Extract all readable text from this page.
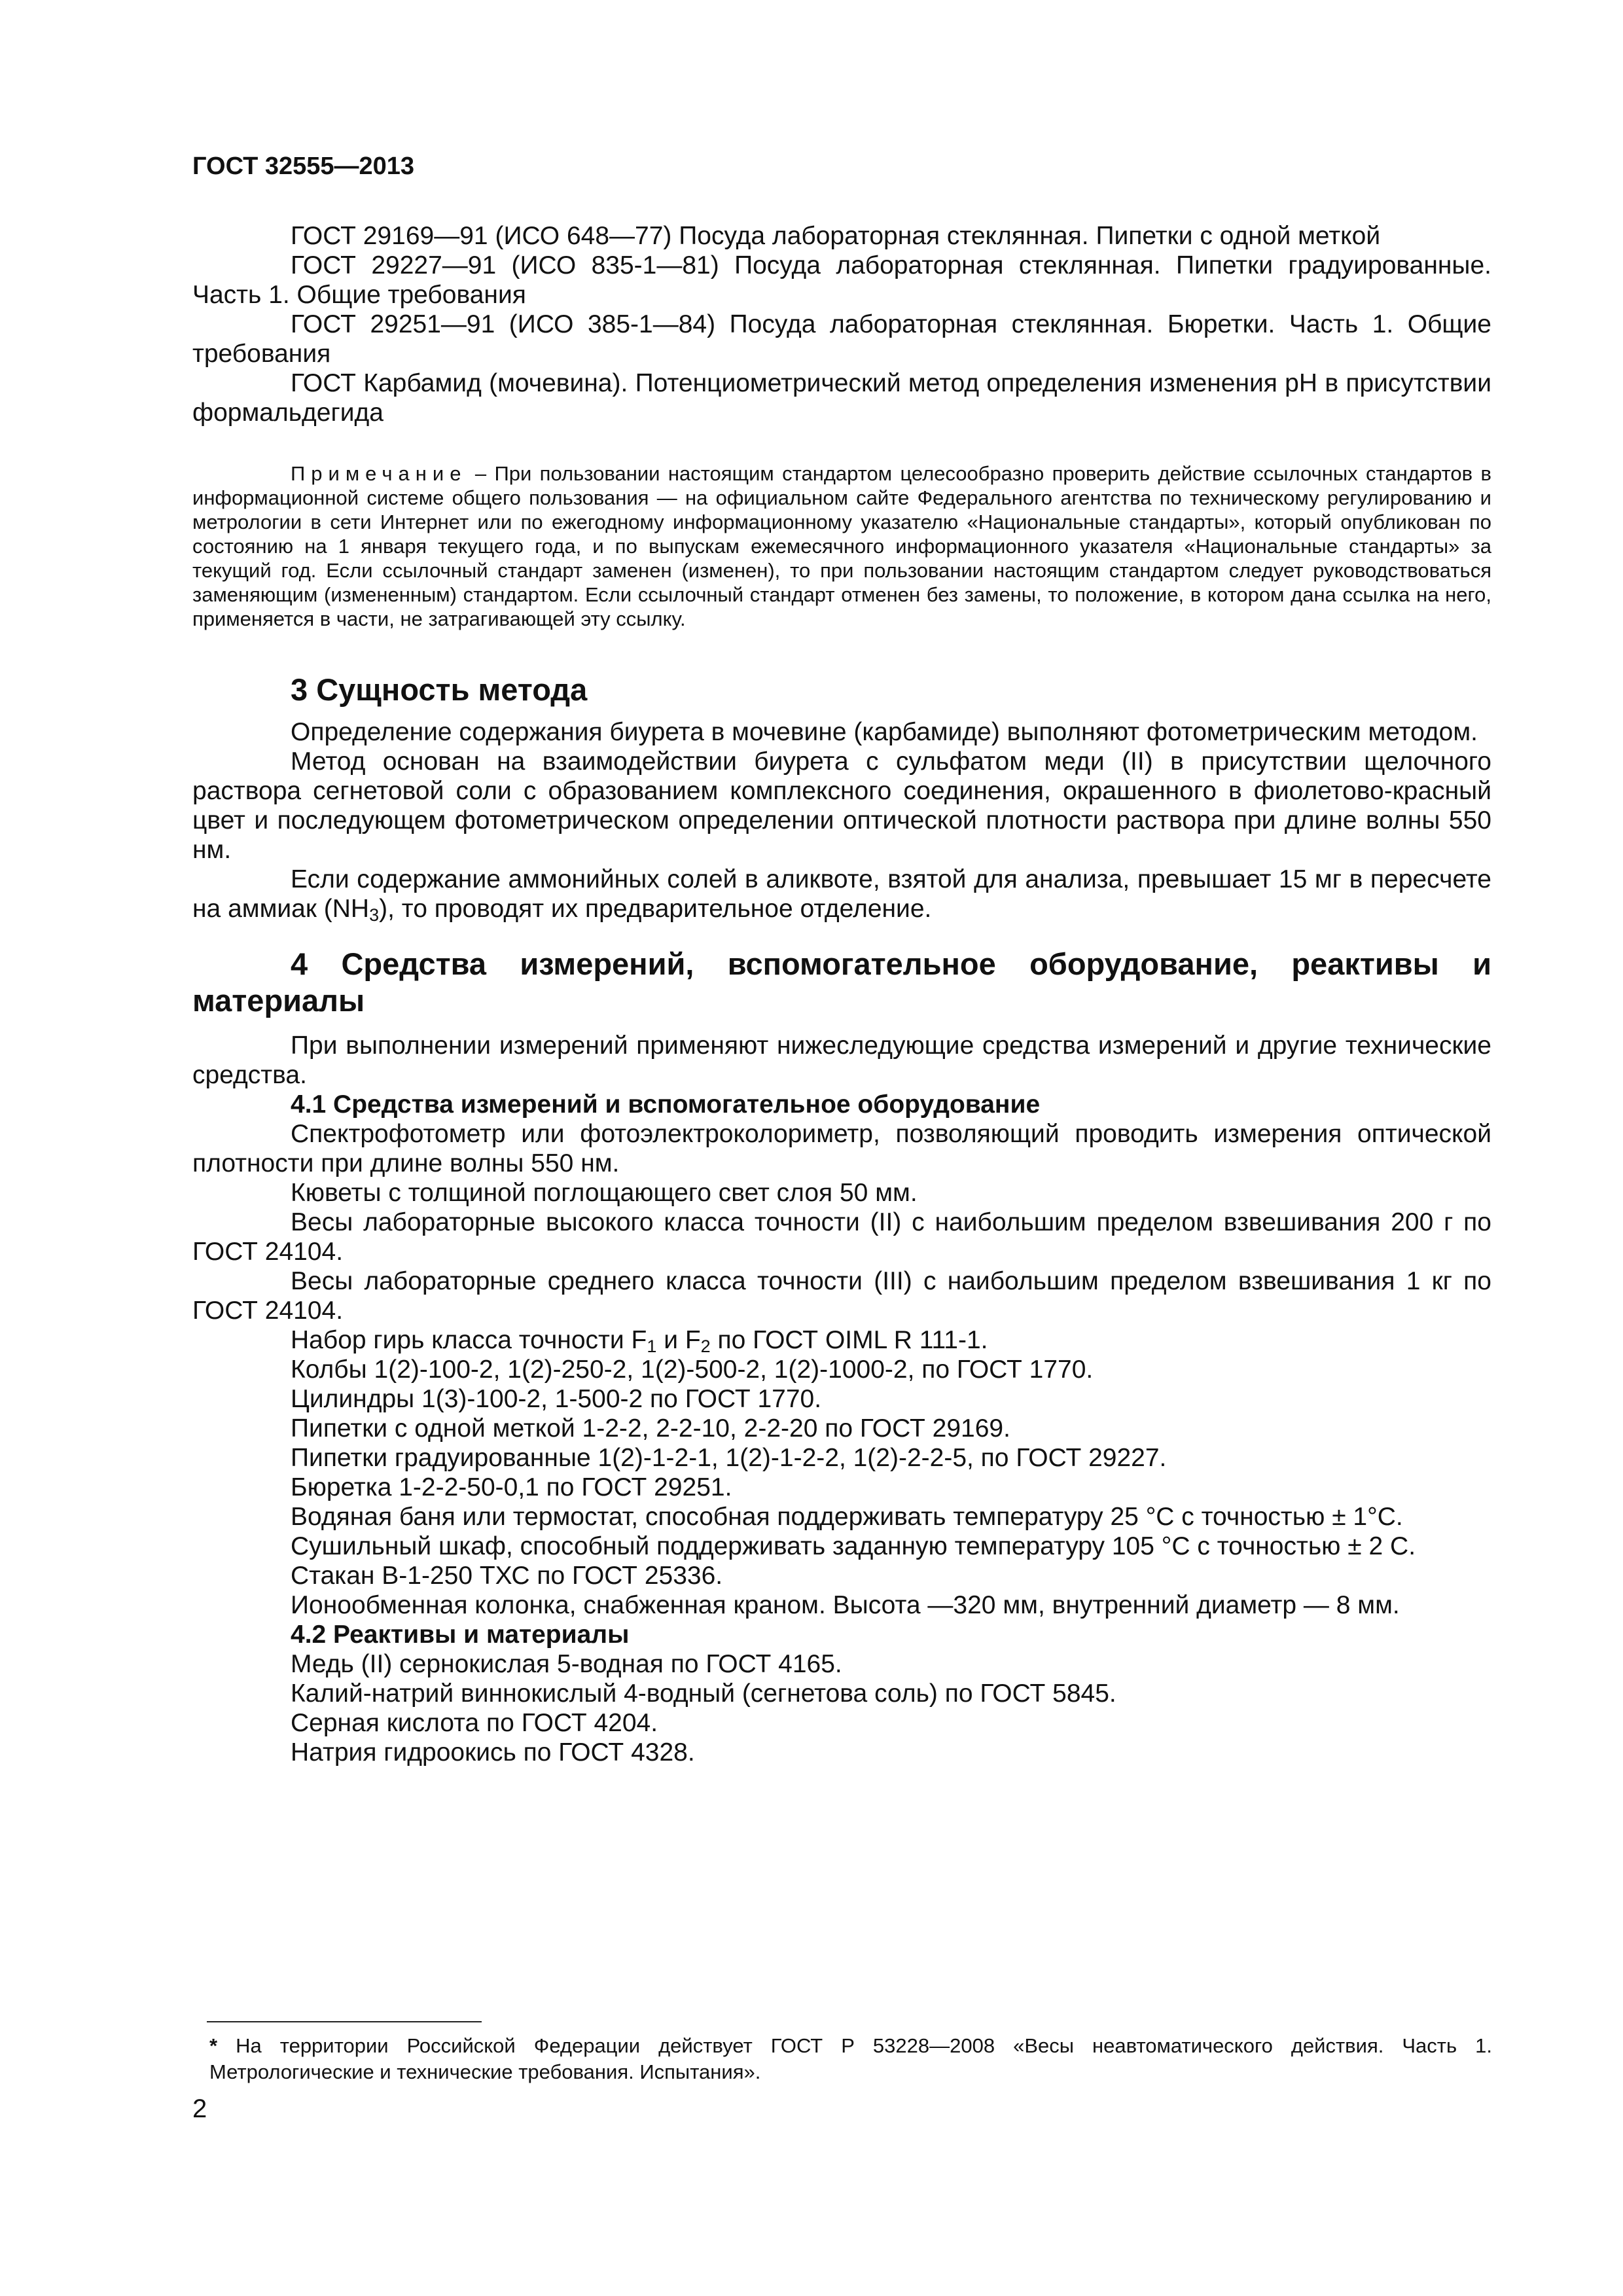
ГОСТ 32555—2013

ГОСТ 29169—91 (ИСО 648—77) Посуда лабораторная стеклянная. Пипетки с одной меткой

ГОСТ 29227—91 (ИСО 835-1—81) Посуда лабораторная стеклянная. Пипетки градуированные. Часть 1. Общие требования

ГОСТ 29251—91 (ИСО 385-1—84) Посуда лабораторная стеклянная. Бюретки. Часть 1. Общие требования

ГОСТ Карбамид (мочевина). Потенциометрический метод определения изменения pH в присутствии формальдегида

Примечание – При пользовании настоящим стандартом целесообразно проверить действие ссылочных стандартов в информационной системе общего пользования — на официальном сайте Федерального агентства по техническому регулированию и метрологии в сети Интернет или по ежегодному информационному указателю «Национальные стандарты», который опубликован по состоянию на 1 января текущего года, и по выпускам ежемесячного информационного указателя «Национальные стандарты» за текущий год. Если ссылочный стандарт заменен (изменен), то при пользовании настоящим стандартом следует руководствоваться заменяющим (измененным) стандартом. Если ссылочный стандарт отменен без замены, то положение, в котором дана ссылка на него, применяется в части, не затрагивающей эту ссылку.

3 Сущность метода

Определение содержания биурета в мочевине (карбамиде) выполняют фотометрическим методом.

Метод основан на взаимодействии биурета с сульфатом меди (II) в присутствии щелочного раствора сегнетовой соли с образованием комплексного соединения, окрашенного в фиолетово-красный цвет и последующем фотометрическом определении оптической плотности раствора при длине волны 550 нм.

Если содержание аммонийных солей в аликвоте, взятой для анализа, превышает 15 мг в пересчете на аммиак $(NH_3)$, то проводят их предварительное отделение.

4 Средства измерений, вспомогательное оборудование, реактивы и материалы

При выполнении измерений применяют нижеследующие средства измерений и другие технические средства.

4.1 Средства измерений и вспомогательное оборудование

Спектрофотометр или фотоэлектроколориметр, позволяющий проводить измерения оптической плотности при длине волны 550 нм.

Кюветы с толщиной поглощающего свет слоя 50 мм.

Весы лабораторные высокого класса точности (II) с наибольшим пределом взвешивания 200 г по ГОСТ 24104.

Весы лабораторные среднего класса точности (III) с наибольшим пределом взвешивания 1 кг по ГОСТ 24104.

Набор гирь класса точности $F_1$ и $F_2$ по ГОСТ OIML R 111-1.

Колбы 1(2)-100-2, 1(2)-250-2, 1(2)-500-2, 1(2)-1000-2, по ГОСТ 1770.

Цилиндры 1(3)-100-2, 1-500-2 по ГОСТ 1770.

Пипетки с одной меткой 1-2-2, 2-2-10, 2-2-20 по ГОСТ 29169.

Пипетки градуированные 1(2)-1-2-1, 1(2)-1-2-2, 1(2)-2-2-5, по ГОСТ 29227.

Бюретка 1-2-2-50-0,1 по ГОСТ 29251.

Водяная баня или термостат, способная поддерживать температуру 25 °С с точностью ± 1°С.

Сушильный шкаф, способный поддерживать заданную температуру 105 °С с точностью ± 2 С.

Стакан В-1-250 ТХС по ГОСТ 25336.

Ионообменная колонка, снабженная краном. Высота —320 мм, внутренний диаметр — 8 мм.

4.2 Реактивы и материалы

Медь (II) сернокислая 5-водная по ГОСТ 4165.

Калий-натрий виннокислый 4-водный (сегнетова соль) по ГОСТ 5845.

Серная кислота по ГОСТ 4204.

Натрия гидроокись по ГОСТ 4328.

* На территории Российской Федерации действует ГОСТ Р 53228—2008 «Весы неавтоматического действия. Часть 1. Метрологические и технические требования. Испытания».

2
